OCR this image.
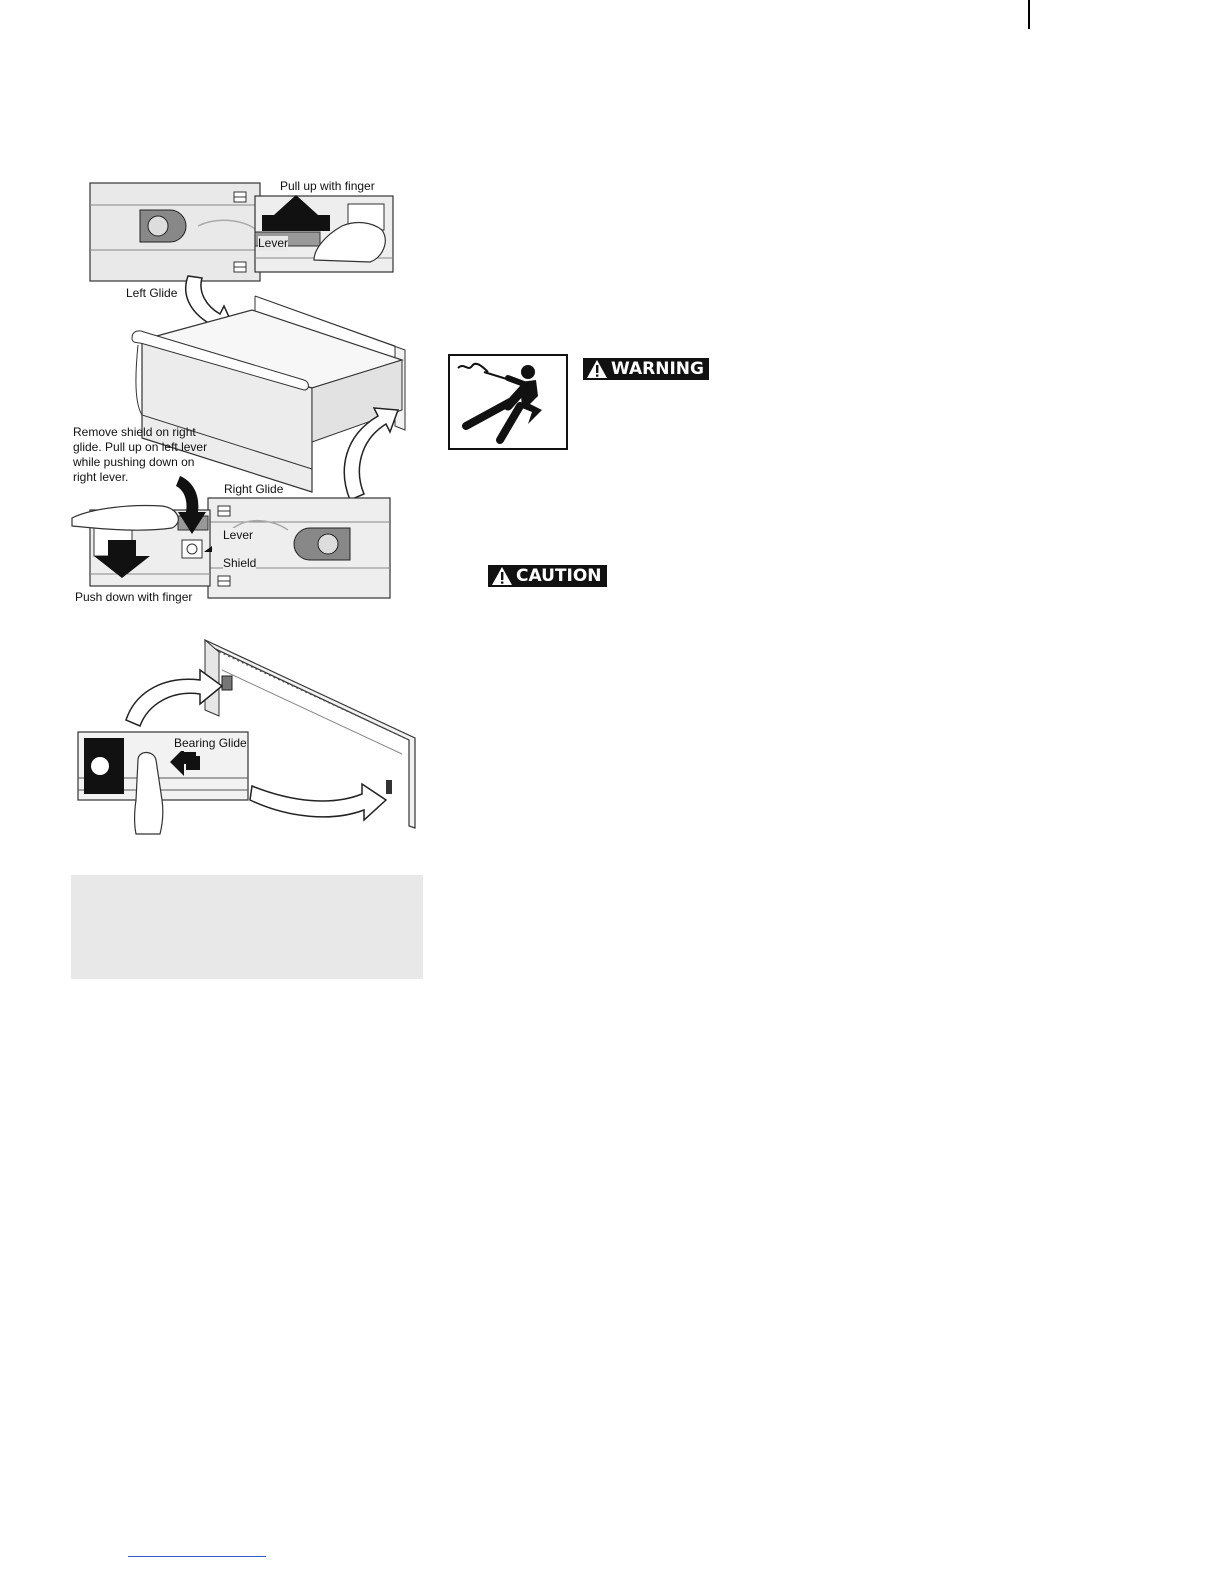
Pull up with finger
Lever
Left Glide
Remove shield on right
glide. Pull up on left lever
while pushing down on
right lever.
Right Glide
Lever
Shield
Push down with finger
Bearing Glide
WARNING
CAUTION
